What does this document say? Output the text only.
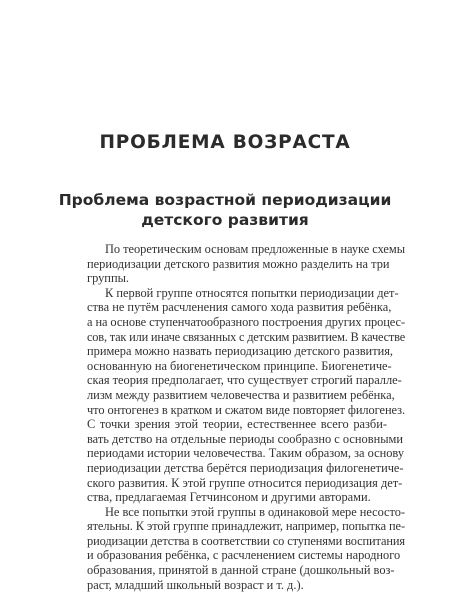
ПРОБЛЕМА ВОЗРАСТА
Проблема возрастной периодизации
детского развития
По теоретическим основам предложенные в науке схемы
периодизации детского развития можно разделить на три
группы.
К первой группе относятся попытки периодизации дет-
ства не путём расчленения самого хода развития ребёнка,
а на основе ступенчатообразного построения других процес-
сов, так или иначе связанных с детским развитием. В качестве
примера можно назвать периодизацию детского развития,
основанную на биогенетическом принципе. Биогенетиче-
ская теория предполагает, что существует строгий паралле-
лизм между развитием человечества и развитием ребёнка,
что онтогенез в кратком и сжатом виде повторяет филогенез.
С точки зрения этой теории, естественнее всего разби-
вать детство на отдельные периоды сообразно с основными
периодами истории человечества. Таким образом, за основу
периодизации детства берётся периодизация филогенетиче-
ского развития. К этой группе относится периодизация дет-
ства, предлагаемая Гетчинсоном и другими авторами.
Не все попытки этой группы в одинаковой мере несосто-
ятельны. К этой группе принадлежит, например, попытка пе-
риодизации детства в соответствии со ступенями воспитания
и образования ребёнка, с расчленением системы народного
образования, принятой в данной стране (дошкольный воз-
раст, младший школьный возраст и т. д.).
